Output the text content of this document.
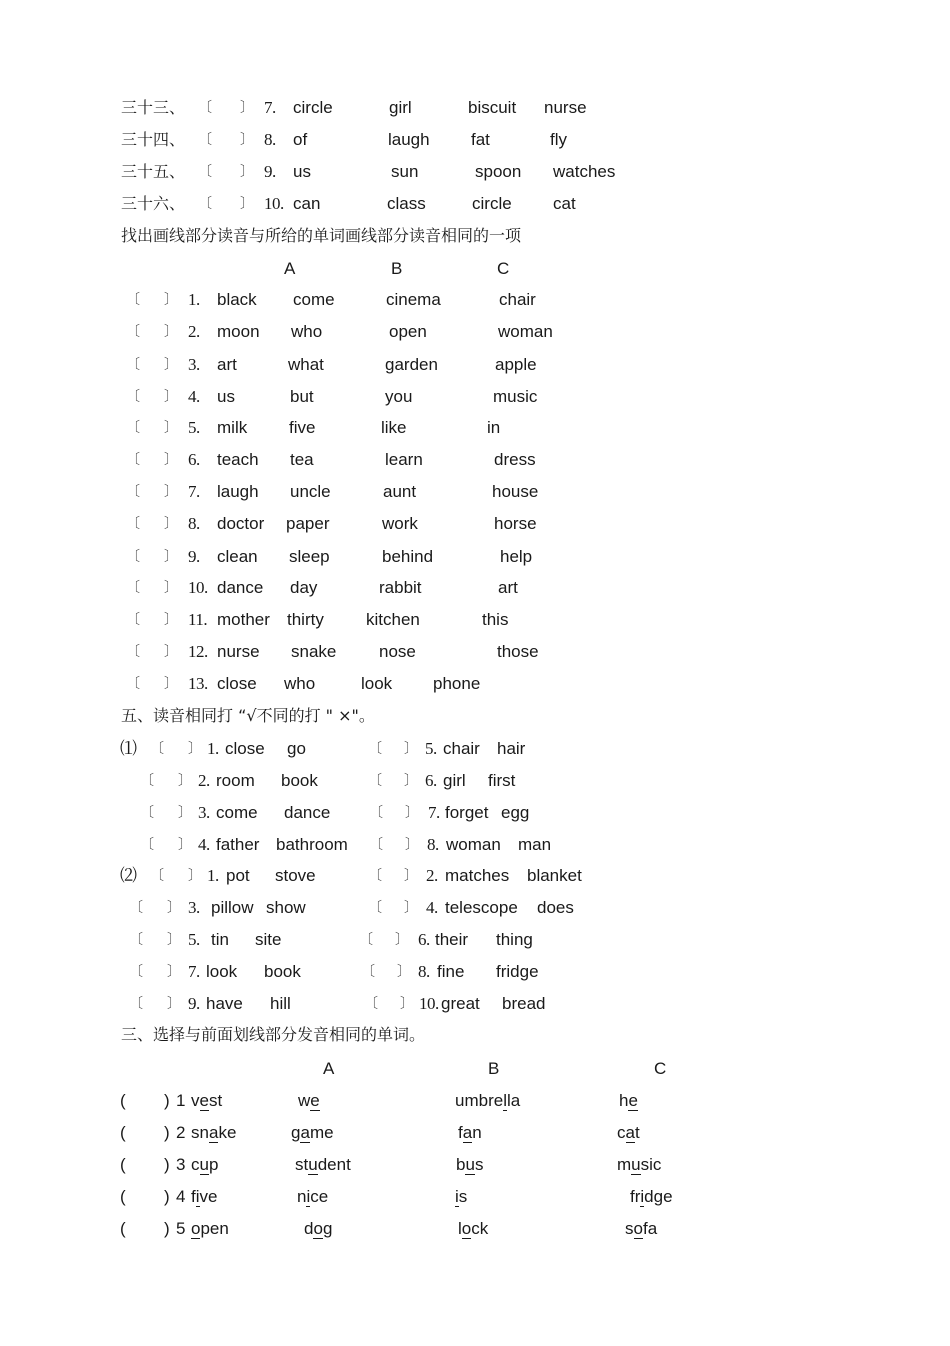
三十三、 〔 〕 7. circle	girl	biscuit nurse
三十四、 〔 〕 8. of	laugh fat	fly
三十五、 〔 〕 9. us	sun	spoon watches
三十六、 〔 〕 10. can	class	circle cat
找出画线部分读音与所给的单词画线部分读音相同的一项
A	B	C
〔 〕 1. black come	cinema	chair
〔 〕 2. moon who	open	woman
〔 〕 3. art	what	garden	apple
〔 〕 4. us	but	you	music
〔 〕 5. milk five	like	in
〔 〕 6. teach tea	learn	dress
〔 〕 7. laugh uncle	aunt	house
〔 〕 8. doctor paper	work	horse
〔 〕 9. clean sleep	behind	help
〔 〕 10. dance day	rabbit	art
〔 〕 11. mother thirty kitchen	this
〔 〕 12. nurse snake	nose	those
〔 〕 13. close who	look phone
五、读音相同打 “√不同的打 " ×"。
⑴ 〔 〕 1. close go	〔 〕 5. chair hair
〔 〕 2. room book	〔 〕 6. girl first
〔 〕 3. come dance	〔 〕 7. forget egg
〔 〕 4. father bathroom 〔 〕 8. woman man
⑵ 〔 〕 1. pot stove	〔 〕 2. matches blanket
〔 〕 3. pillow show	〔 〕 4. telescope does
〔 〕 5. tin site	〔 〕 6. their thing
〔 〕 7. look book	〔 〕 8. fine fridge
〔 〕 9. have hill	〔 〕 10. great bread
三、选择与前面划线部分发音相同的单词。
A	B	C
( ) 1 vest	we	umbrella	he
( ) 2 snake	game	fan	cat
( ) 3 cup	student	bus	music
( ) 4 five	nice	is	fridge
( ) 5 open	dog	lock	sofa
